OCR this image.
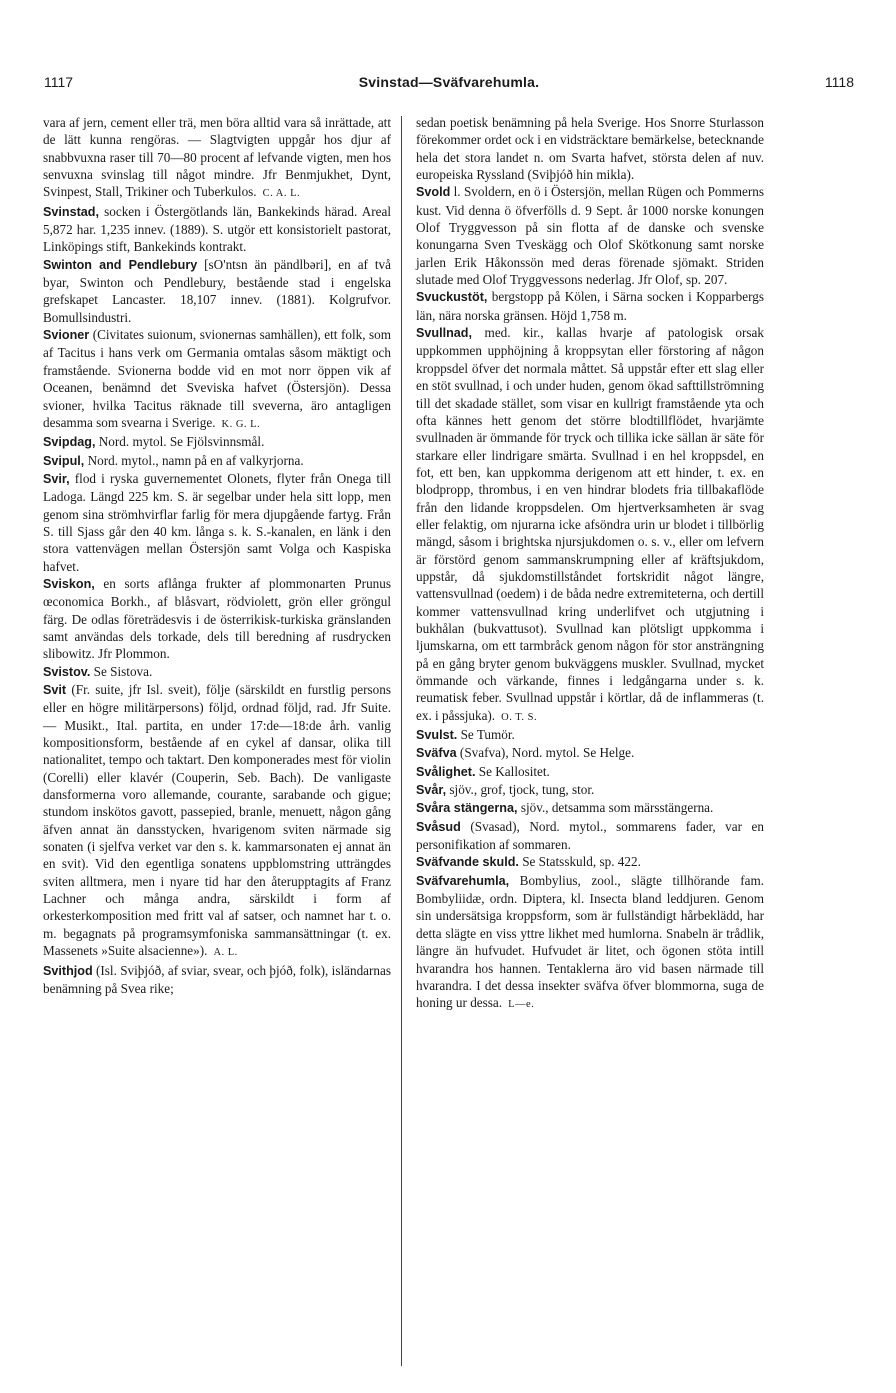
1117	Svinstad—Sväfvarehumla.	1118

vara af jern, cement eller trä, men böra alltid vara så inrättade, att de lätt kunna rengöras. — Slagtvigten uppgår hos djur af snabbvuxna raser till 70—80 procent af lefvande vigten, men hos senvuxna svinslag till något mindre. Jfr Benmjukhet, Dynt, Svinpest, Stall, Trikiner och Tuberkulos. C. A. L.

Svinstad, socken i Östergötlands län, Bankekinds härad. Areal 5,872 har. 1,235 innev. (1889). S. utgör ett konsistorielt pastorat, Linköpings stift, Bankekinds kontrakt.

Swinton and Pendlebury [sO'ntsn än pändlbəri], en af två byar, Swinton och Pendlebury, bestående stad i engelska grefskapet Lancaster. 18,107 innev. (1881). Kolgrufvor. Bomullsindustri.

Svioner (Civitates suionum, svionernas samhällen), ett folk, som af Tacitus i hans verk om Germania omtalas såsom mäktigt och framstående. Svionerna bodde vid en mot norr öppen vik af Oceanen, benämnd det Sveviska hafvet (Östersjön). Dessa svioner, hvilka Tacitus räknade till sveverna, äro antagligen desamma som svearna i Sverige. K. G. L.

Svipdag, Nord. mytol. Se Fjölsvinnsmål.

Svipul, Nord. mytol., namn på en af valkyrjorna.

Svir, flod i ryska guvernementet Olonets, flyter från Onega till Ladoga. Längd 225 km. S. är segelbar under hela sitt lopp, men genom sina strömhvirflar farlig för mera djupgående fartyg. Från S. till Sjass går den 40 km. långa s. k. S.-kanalen, en länk i den stora vattenvägen mellan Östersjön samt Volga och Kaspiska hafvet.

Sviskon, en sorts aflånga frukter af plommonarten Prunus œconomica Borkh., af blåsvart, rödviolett, grön eller gröngul färg. De odlas företrädesvis i de österrikisk-turkiska gränslanden samt användas dels torkade, dels till beredning af rusdrycken slibowitz. Jfr Plommon.

Svistov. Se Sistova.

Svit (Fr. suite, jfr Isl. sveit), följe (särskildt en furstlig persons eller en högre militärpersons) följd, ordnad följd, rad. Jfr Suite. — Musikt., Ital. partita, en under 17:de—18:de årh. vanlig kompositionsform, bestående af en cykel af dansar, olika till nationalitet, tempo och taktart. Den komponerades mest för violin (Corelli) eller klavér (Couperin, Seb. Bach). De vanligaste dansformerna voro allemande, courante, sarabande och gigue; stundom inskötos gavott, passepied, branle, menuett, någon gång äfven annat än dansstycken, hvarigenom sviten närmade sig sonaten (i sjelfva verket var den s. k. kammarsonaten ej annat än en svit). Vid den egentliga sonatens uppblomstring utträngdes sviten alltmera, men i nyare tid har den återupptagits af Franz Lachner och många andra, särskildt i form af orkesterkomposition med fritt val af satser, och namnet har t. o. m. begagnats på programsymfoniska sammansättningar (t. ex. Massenets »Suite alsacienne»). A. L.

Svithjod (Isl. Sviþjóð, af sviar, svear, och þjóð, folk), isländarnas benämning på Svea rike;

sedan poetisk benämning på hela Sverige. Hos Snorre Sturlasson förekommer ordet ock i en vidsträcktare bemärkelse, betecknande hela det stora landet n. om Svarta hafvet, största delen af nuv. europeiska Ryssland (Sviþjóð hin mikla).

Svold l. Svoldern, en ö i Östersjön, mellan Rügen och Pommerns kust. Vid denna ö öfverfölls d. 9 Sept. år 1000 norske konungen Olof Tryggvesson på sin flotta af de danske och svenske konungarna Sven Tveskägg och Olof Skötkonung samt norske jarlen Erik Håkonssön med deras förenade sjömakt. Striden slutade med Olof Tryggvessons nederlag. Jfr Olof, sp. 207.

Svuckustöt, bergstopp på Kölen, i Särna socken i Kopparbergs län, nära norska gränsen. Höjd 1,758 m.

Svullnad, med. kir., kallas hvarje af patologisk orsak uppkommen upphöjning å kroppsytan eller förstoring af någon kroppsdel öfver det normala måttet. Så uppstår efter ett slag eller en stöt svullnad, i och under huden, genom ökad safttillströmning till det skadade stället, som visar en kullrigt framstående yta och ofta kännes hett genom det större blodtillflödet, hvarjämte svullnaden är ömmande för tryck och tillika icke sällan är säte för starkare eller lindrigare smärta. Svullnad i en hel kroppsdel, en fot, ett ben, kan uppkomma derigenom att ett hinder, t. ex. en blodpropp, thrombus, i en ven hindrar blodets fria tillbakaflöde från den lidande kroppsdelen. Om hjertverksamheten är svag eller felaktig, om njurarna icke afsöndra urin ur blodet i tillbörlig mängd, såsom i brightska njursjukdomen o. s. v., eller om lefvern är förstörd genom sammanskrumpning eller af kräftsjukdom, uppstår, då sjukdomstillståndet fortskridit något längre, vattensvullnad (oedem) i de båda nedre extremiteterna, och dertill kommer vattensvullnad kring underlifvet och utgjutning i bukhålan (bukvattusot). Svullnad kan plötsligt uppkomma i ljumskarna, om ett tarmbråck genom någon för stor ansträngning på en gång bryter genom bukväggens muskler. Svullnad, mycket ömmande och värkande, finnes i ledgångarna under s. k. reumatisk feber. Svullnad uppstår i körtlar, då de inflammeras (t. ex. i påssjuka). O. T. S.

Svulst. Se Tumör.

Sväfva (Svafva), Nord. mytol. Se Helge.

Svålighet. Se Kallositet.

Svår, sjöv., grof, tjock, tung, stor.

Svåra stängerna, sjöv., detsamma som märsstängerna.

Svåsud (Svasad), Nord. mytol., sommarens fader, var en personifikation af sommaren.

Sväfvande skuld. Se Statsskuld, sp. 422.

Sväfvarehumla, Bombylius, zool., slägte tillhörande fam. Bombyliidæ, ordn. Diptera, kl. Insecta bland leddjuren. Genom sin undersätsiga kroppsform, som är fullständigt hårbeklädd, har detta slägte en viss yttre likhet med humlorna. Snabeln är trådlik, längre än hufvudet. Hufvudet är litet, och ögonen stöta intill hvarandra hos hannen. Tentaklerna äro vid basen närmade till hvarandra. I det dessa insekter sväfva öfver blommorna, suga de honing ur dessa. L—e.
